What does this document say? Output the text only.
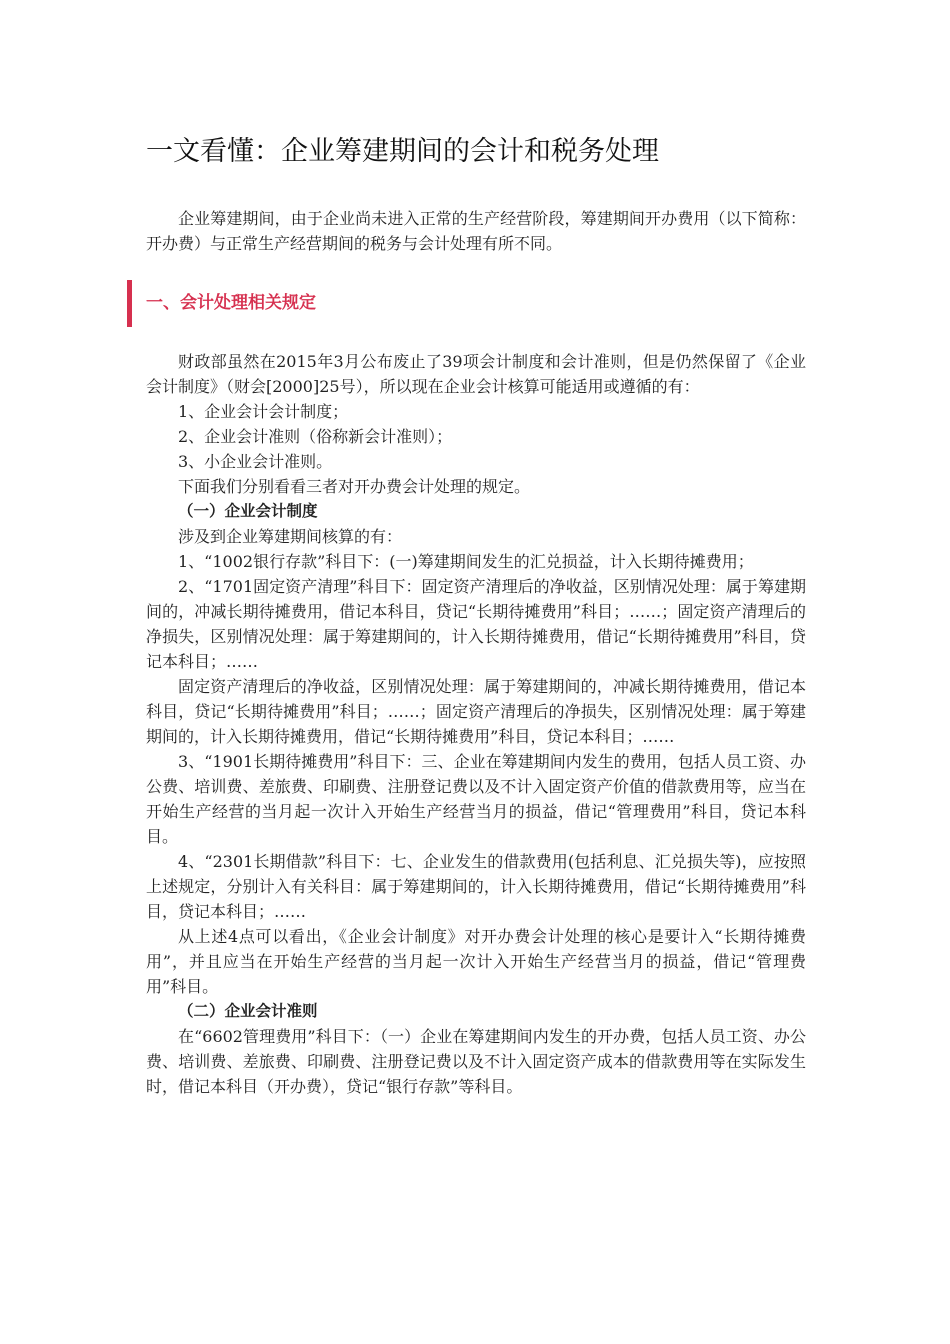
一文看懂：企业筹建期间的会计和税务处理

企业筹建期间，由于企业尚未进入正常的生产经营阶段，筹建期间开办费用（以下简称：开办费）与正常生产经营期间的税务与会计处理有所不同。

一、会计处理相关规定

财政部虽然在2015年3月公布废止了39项会计制度和会计准则，但是仍然保留了《企业会计制度》（财会[2000]25号），所以现在企业会计核算可能适用或遵循的有：

1、企业会计会计制度；

2、企业会计准则（俗称新会计准则）；

3、小企业会计准则。

下面我们分别看看三者对开办费会计处理的规定。

（一）企业会计制度

涉及到企业筹建期间核算的有：

1、“1002银行存款”科目下：(一)筹建期间发生的汇兑损益，计入长期待摊费用；

2、“1701固定资产清理”科目下：固定资产清理后的净收益，区别情况处理：属于筹建期间的，冲减长期待摊费用，借记本科目，贷记“长期待摊费用”科目；……；固定资产清理后的净损失，区别情况处理：属于筹建期间的，计入长期待摊费用，借记“长期待摊费用”科目，贷记本科目；……

固定资产清理后的净收益，区别情况处理：属于筹建期间的，冲减长期待摊费用，借记本科目，贷记“长期待摊费用”科目；……；固定资产清理后的净损失，区别情况处理：属于筹建期间的，计入长期待摊费用，借记“长期待摊费用”科目，贷记本科目；……

3、“1901长期待摊费用”科目下：三、企业在筹建期间内发生的费用，包括人员工资、办公费、培训费、差旅费、印刷费、注册登记费以及不计入固定资产价值的借款费用等，应当在开始生产经营的当月起一次计入开始生产经营当月的损益，借记“管理费用”科目，贷记本科目。

4、“2301长期借款”科目下：七、企业发生的借款费用(包括利息、汇兑损失等)，应按照上述规定，分别计入有关科目：属于筹建期间的，计入长期待摊费用，借记“长期待摊费用”科目，贷记本科目；……

从上述4点可以看出，《企业会计制度》对开办费会计处理的核心是要计入“长期待摊费用”，并且应当在开始生产经营的当月起一次计入开始生产经营当月的损益，借记“管理费用”科目。

（二）企业会计准则

在“6602管理费用”科目下：（一）企业在筹建期间内发生的开办费，包括人员工资、办公费、培训费、差旅费、印刷费、注册登记费以及不计入固定资产成本的借款费用等在实际发生时，借记本科目（开办费），贷记“银行存款”等科目。
